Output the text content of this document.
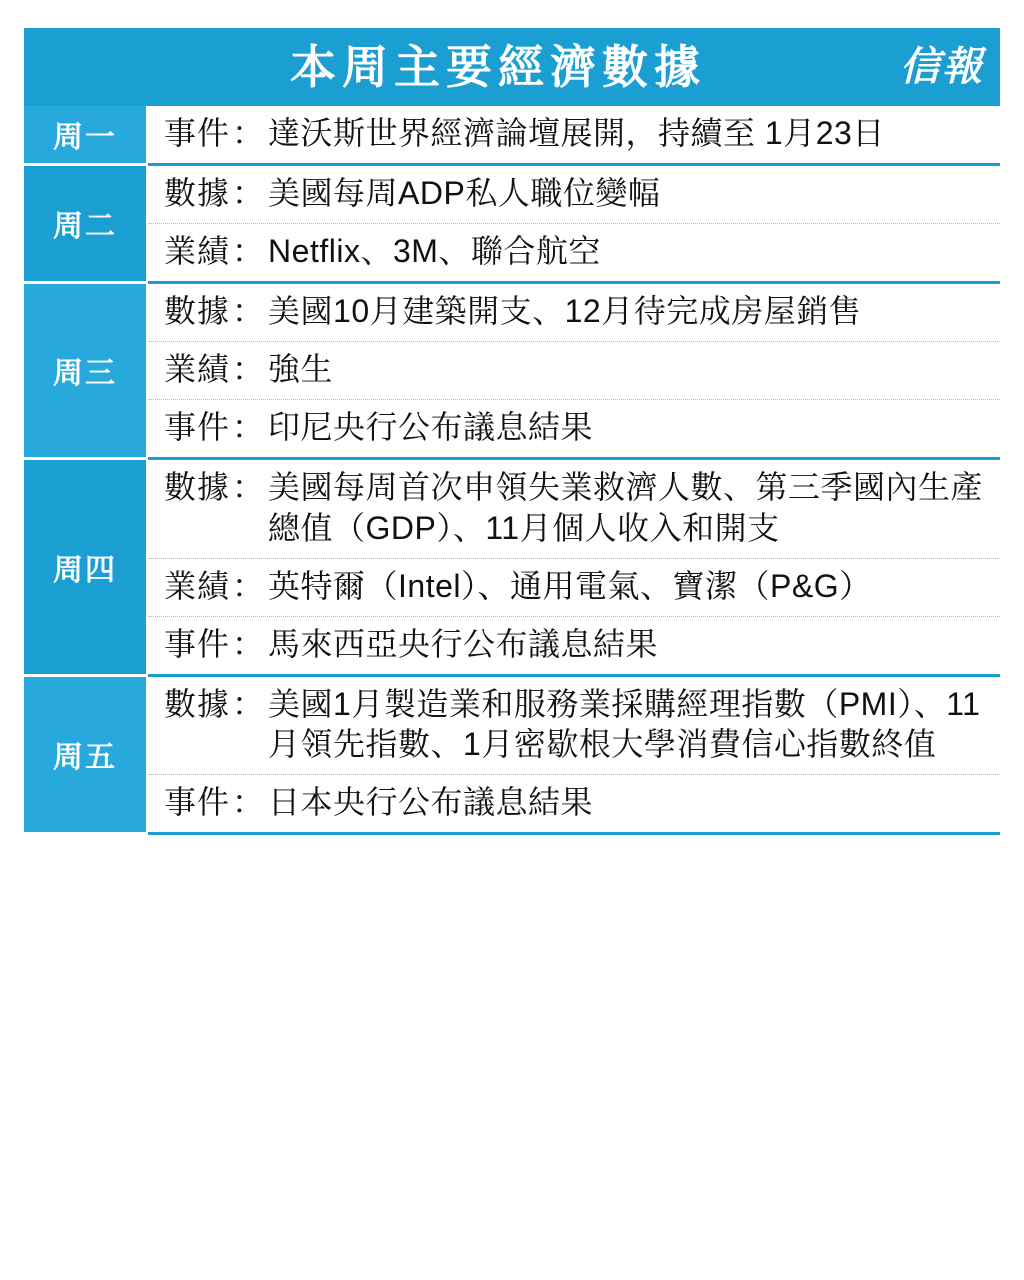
本周主要經濟數據	信報
周一	事件 ： 達沃斯世界經濟論壇展開，持續至 1月23日

周二	數據 ： 美國每周ADP私人職位變幅

	業績 ： Netflix、3M、聯合航空

周三	數據 ： 美國10月建築開支、12月待完成房屋銷售

	業績 ： 強生

	事件 ： 印尼央行公布議息結果

周四	數據 ： 美國每周首次申領失業救濟人數、第三季國內生產總值（GDP）、11月個人收入和開支

	業績 ： 英特爾（Intel）、通用電氣、寶潔（P&G）

	事件 ： 馬來西亞央行公布議息結果

周五	數據 ： 美國1月製造業和服務業採購經理指數（PMI）、11月領先指數、1月密歇根大學消費信心指數終值

	事件 ： 日本央行公布議息結果
